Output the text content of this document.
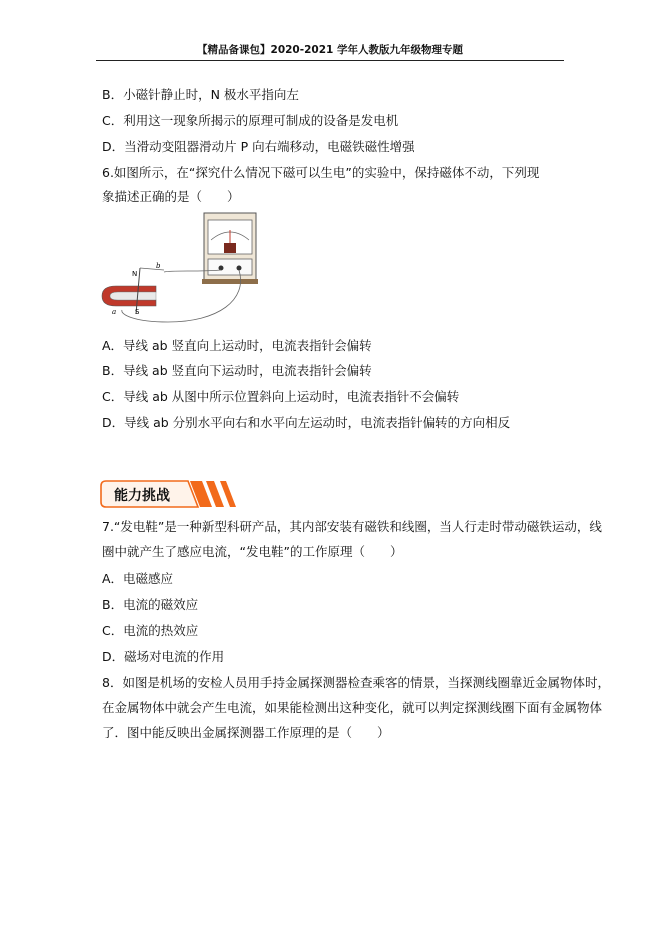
【精品备课包】2020-2021 学年人教版九年级物理专题
B．小磁针静止时，N 极水平指向左
C．利用这一现象所揭示的原理可制成的设备是发电机
D．当滑动变阻器滑动片 P 向右端移动，电磁铁磁性增强
6.如图所示，在“探究什么情况下磁可以生电”的实验中，保持磁体不动，下列现
象描述正确的是（　　）
N
S
a
b
A．导线 ab 竖直向上运动时，电流表指针会偏转
B．导线 ab 竖直向下运动时，电流表指针会偏转
C．导线 ab 从图中所示位置斜向上运动时，电流表指针不会偏转
D．导线 ab 分别水平向右和水平向左运动时，电流表指针偏转的方向相反
能力挑战
7.“发电鞋”是一种新型科研产品，其内部安装有磁铁和线圈，当人行走时带动磁铁运动，线
圈中就产生了感应电流，“发电鞋”的工作原理（　　）
A．电磁感应
B．电流的磁效应
C．电流的热效应
D．磁场对电流的作用
8．如图是机场的安检人员用手持金属探测器检查乘客的情景，当探测线圈靠近金属物体时，
在金属物体中就会产生电流，如果能检测出这种变化，就可以判定探测线圈下面有金属物体
了．图中能反映出金属探测器工作原理的是（　　）
